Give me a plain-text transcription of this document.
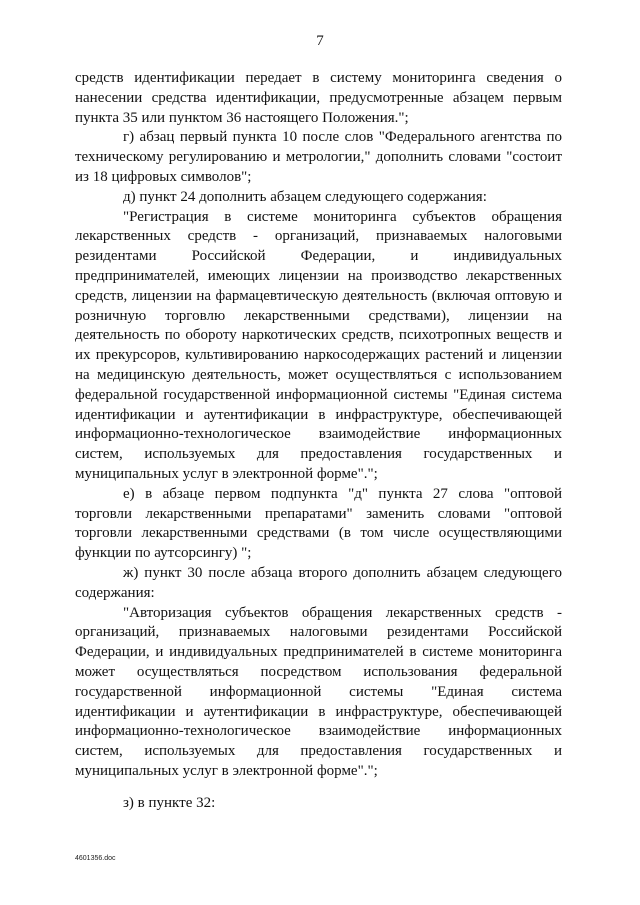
7

средств идентификации передает в систему мониторинга сведения о нанесении средства идентификации, предусмотренные абзацем первым пункта 35 или пунктом 36 настоящего Положения.";

г) абзац первый пункта 10 после слов "Федерального агентства по техническому регулированию и метрологии," дополнить словами "состоит из 18 цифровых символов";

д) пункт 24 дополнить абзацем следующего содержания:

"Регистрация в системе мониторинга субъектов обращения лекарственных средств - организаций, признаваемых налоговыми резидентами Российской Федерации, и индивидуальных предпринимателей, имеющих лицензии на производство лекарственных средств, лицензии на фармацевтическую деятельность (включая оптовую и розничную торговлю лекарственными средствами), лицензии на деятельность по обороту наркотических средств, психотропных веществ и их прекурсоров, культивированию наркосодержащих растений и лицензии на медицинскую деятельность, может осуществляться с использованием федеральной государственной информационной системы "Единая система идентификации и аутентификации в инфраструктуре, обеспечивающей информационно-технологическое взаимодействие информационных систем, используемых для предоставления государственных и муниципальных услуг в электронной форме".";

е) в абзаце первом подпункта "д" пункта 27 слова "оптовой торговли лекарственными препаратами" заменить словами "оптовой торговли лекарственными средствами (в том числе осуществляющими функции по аутсорсингу) ";

ж) пункт 30 после абзаца второго дополнить абзацем следующего содержания:

"Авторизация субъектов обращения лекарственных средств - организаций, признаваемых налоговыми резидентами Российской Федерации, и индивидуальных предпринимателей в системе мониторинга может осуществляться посредством использования федеральной государственной информационной системы "Единая система идентификации и аутентификации в инфраструктуре, обеспечивающей информационно-технологическое взаимодействие информационных систем, используемых для предоставления государственных и муниципальных услуг в электронной форме".";

з) в пункте 32:

4601356.doc
